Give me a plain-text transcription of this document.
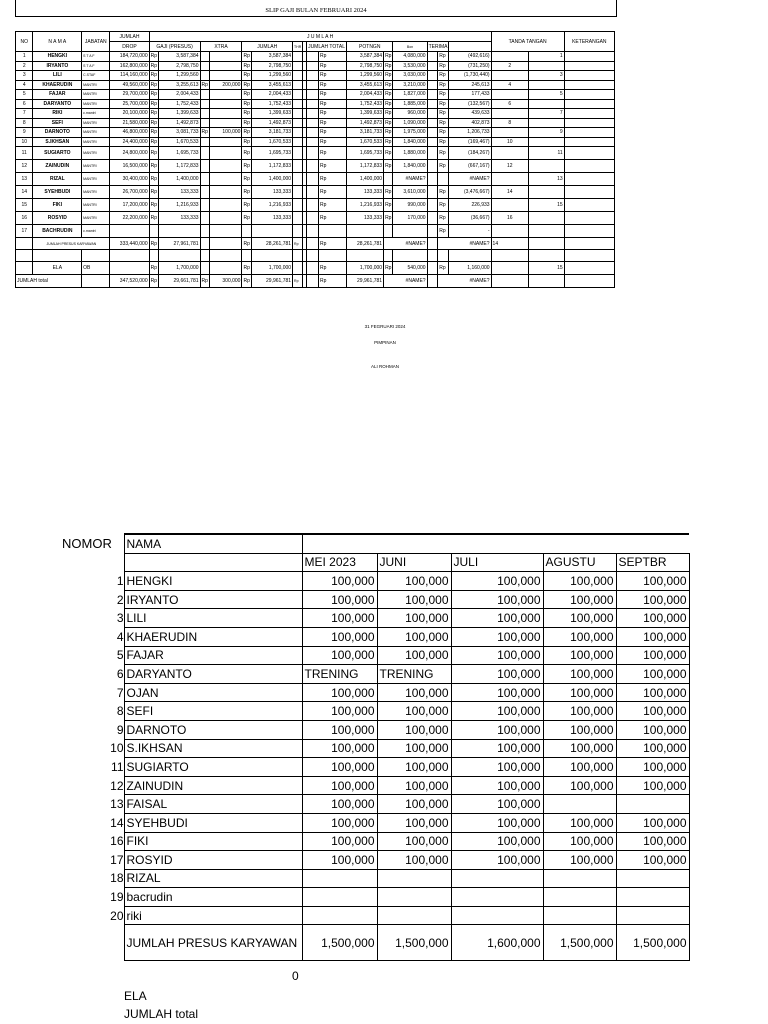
SLIP GAJI BULAN FEBRUARI 2024
NO	N A M A	JABATAN	JUMLAH	J U M L A H																TANDA TANGAN		KETERANGAN
			DROP	GAJI (PRESUS)		XTRA		JUMLAH		THR		JUMLAH TOTAL		POTNGN		Bon	TERIMA					
1	HENGKI	S T A F	184,720,000	Rp	3,587,384			Rp	3,587,384				Rp	3,587,384	Rp	4,080,000		Rp	(492,616)		1	
2	IRYANTO	S T A F	162,800,000	Rp	2,798,750			Rp	2,798,750				Rp	2,798,750	Rp	3,530,000		Rp	(731,250)	2		
3	LILI	C.STAF	114,160,000	Rp	1,299,560			Rp	1,299,560				Rp	1,299,560	Rp	3,030,000		Rp	(1,730,440)		3	
4	KHAERUDIN	MANTRI	49,560,000	Rp	3,255,613	Rp	200,000	Rp	3,455,613				Rp	3,455,613	Rp	3,210,000		Rp	245,613	4		
5	FAJAR	MANTRI	29,700,000	Rp	2,004,433			Rp	2,004,433				Rp	2,004,433	Rp	1,827,000		Rp	177,433		5	
6	DARYANTO	MANTRI	25,700,000	Rp	1,752,433			Rp	1,752,433				Rp	1,752,433	Rp	1,885,000		Rp	(132,567)	6		
7	RIKI	c.mantri	20,100,000	Rp	1,399,633			Rp	1,399,633				Rp	1,399,633	Rp	960,000		Rp	439,633		7	
8	SEFI	MANTRI	21,580,000	Rp	1,492,873			Rp	1,492,873				Rp	1,492,873	Rp	1,090,000		Rp	402,873	8		
9	DARNOTO	MANTRI	46,800,000	Rp	3,081,733	Rp	100,000	Rp	3,181,733				Rp	3,181,733	Rp	1,975,000		Rp	1,206,733		9	
10	S.IKHSAN	MANTRI	24,400,000	Rp	1,670,533			Rp	1,670,533				Rp	1,670,533	Rp	1,840,000		Rp	(169,467)	10		
11	SUGIARTO	MANTRI	24,800,000	Rp	1,695,733			Rp	1,695,733				Rp	1,695,733	Rp	1,880,000		Rp	(184,267)		11	
12	ZAINUDIN	MANTRI	16,500,000	Rp	1,172,833			Rp	1,172,833				Rp	1,172,833	Rp	1,840,000		Rp	(667,167)	12		
13	RIZAL	MANTRI	30,400,000	Rp	1,400,000			Rp	1,400,000				Rp	1,400,000		#NAME?			#NAME?		13	
14	SYEHBUDI	MANTRI	26,700,000	Rp	133,333			Rp	133,333				Rp	133,333	Rp	3,610,000		Rp	(3,476,667)	14		
15	FIKI	MANTRI	17,200,000	Rp	1,216,933			Rp	1,216,933				Rp	1,216,933	Rp	990,000		Rp	226,933		15	
16	ROSYID	MANTRI	22,200,000	Rp	133,333			Rp	133,333				Rp	133,333	Rp	170,000		Rp	(36,667)	16		
17	BACHRUDIN	c.mantri																Rp	-			
	JUMLAH PRESUS KARYAWAN		333,440,000	Rp	27,961,781			Rp	28,261,781	Rp			Rp	28,261,781	#NAME?			#NAME?		14		

	ELA	OB		Rp	1,700,000			Rp	1,700,000				Rp	1,700,000	Rp	540,000		Rp	1,160,000		15	
JUMLAH total			347,520,000	Rp	29,661,781	Rp	300,000	Rp	29,961,781	Rp			Rp	29,961,781	#NAME?			#NAME?				
31 FEGRUARI 2024
PIMPINAN
ALI ROHMAN
NOMOR	NAMA					
		MEI 2023	JUNI	JULI	AGUSTU	SEPTBR
1	HENGKI	100,000	100,000	100,000	100,000	100,000
2	IRYANTO	100,000	100,000	100,000	100,000	100,000
3	LILI	100,000	100,000	100,000	100,000	100,000
4	KHAERUDIN	100,000	100,000	100,000	100,000	100,000
5	FAJAR	100,000	100,000	100,000	100,000	100,000
6	DARYANTO	TRENING	TRENING	100,000	100,000	100,000
7	OJAN	100,000	100,000	100,000	100,000	100,000
8	SEFI	100,000	100,000	100,000	100,000	100,000
9	DARNOTO	100,000	100,000	100,000	100,000	100,000
10	S.IKHSAN	100,000	100,000	100,000	100,000	100,000
11	SUGIARTO	100,000	100,000	100,000	100,000	100,000
12	ZAINUDIN	100,000	100,000	100,000	100,000	100,000
13	FAISAL	100,000	100,000	100,000		
14	SYEHBUDI	100,000	100,000	100,000	100,000	100,000
16	FIKI	100,000	100,000	100,000	100,000	100,000
17	ROSYID	100,000	100,000	100,000	100,000	100,000
18	RIZAL					
19	bacrudin					
20	riki					
	JUMLAH PRESUS KARYAWAN	1,500,000	1,500,000	1,600,000	1,500,000	1,500,000
0
ELA
JUMLAH total
